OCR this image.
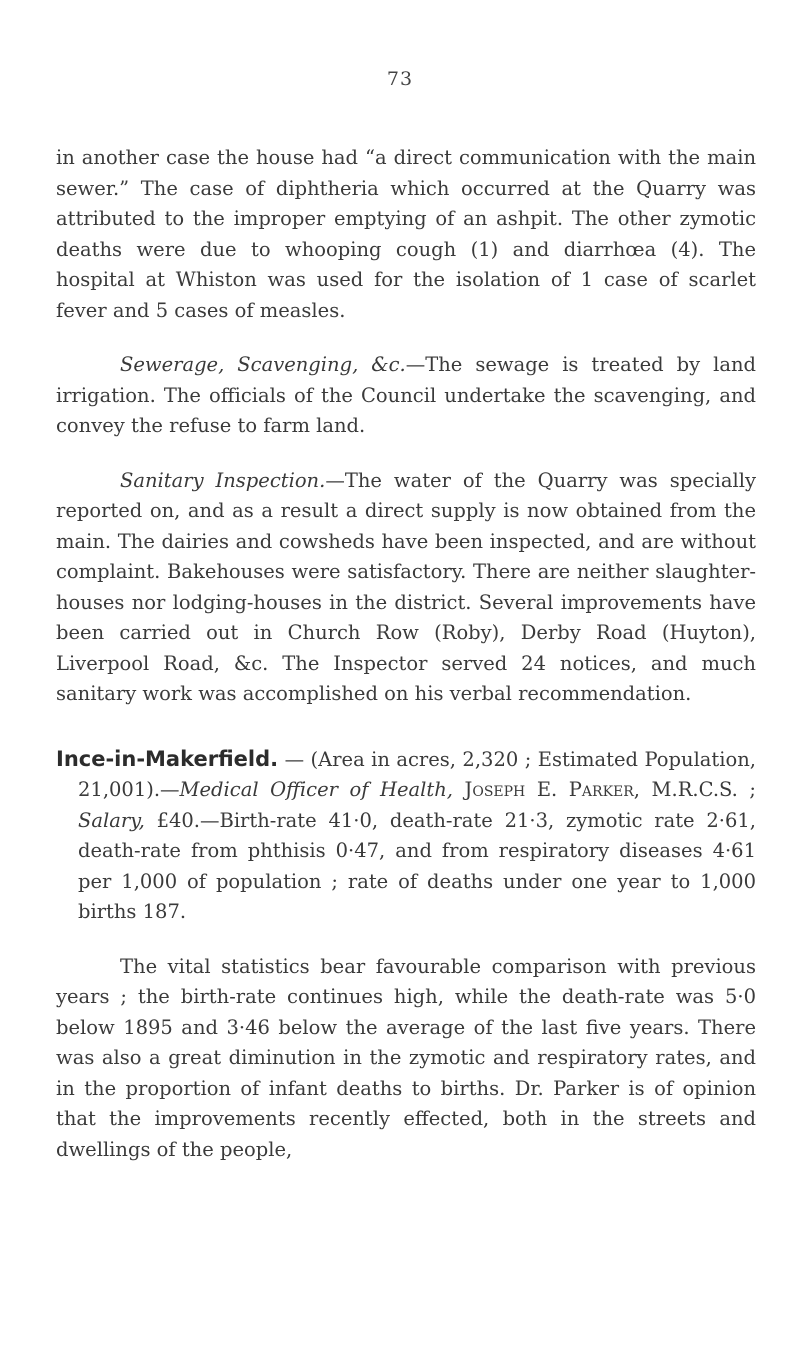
73

in another case the house had “a direct communication with the main sewer.” The case of diphtheria which occurred at the Quarry was attributed to the improper emptying of an ashpit. The other zymotic deaths were due to whooping cough (1) and diarrhœa (4). The hospital at Whiston was used for the isolation of 1 case of scarlet fever and 5 cases of measles.

Sewerage, Scavenging, &c.—The sewage is treated by land irrigation. The officials of the Council undertake the scavenging, and convey the refuse to farm land.

Sanitary Inspection.—The water of the Quarry was specially reported on, and as a result a direct supply is now obtained from the main. The dairies and cowsheds have been inspected, and are without complaint. Bakehouses were satisfactory. There are neither slaughter-houses nor lodging-houses in the district. Several improvements have been carried out in Church Row (Roby), Derby Road (Huyton), Liverpool Road, &c. The Inspector served 24 notices, and much sanitary work was accomplished on his verbal recommendation.

Ince-in-Makerfield. — (Area in acres, 2,320 ; Estimated Population, 21,001).—Medical Officer of Health, Joseph E. Parker, M.R.C.S. ; Salary, £40.—Birth-rate 41·0, death-rate 21·3, zymotic rate 2·61, death-rate from phthisis 0·47, and from respiratory diseases 4·61 per 1,000 of population ; rate of deaths under one year to 1,000 births 187.

The vital statistics bear favourable comparison with previous years ; the birth-rate continues high, while the death-rate was 5·0 below 1895 and 3·46 below the average of the last five years. There was also a great diminution in the zymotic and respiratory rates, and in the proportion of infant deaths to births. Dr. Parker is of opinion that the improvements recently effected, both in the streets and dwellings of the people,
